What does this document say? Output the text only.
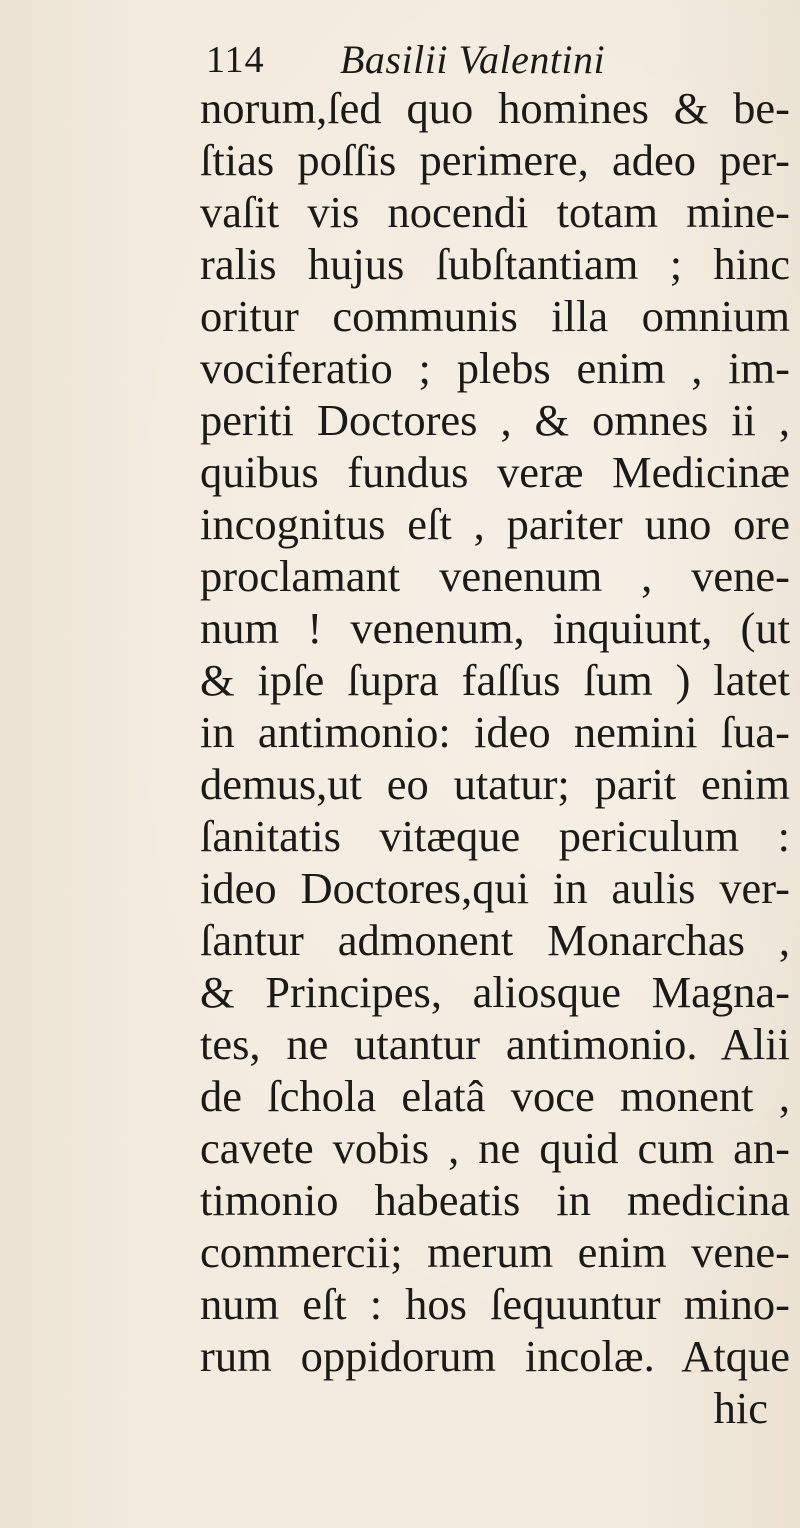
114 Basilii Valentini
norum,ſed quo homines & be-
ſtias poſſis perimere, adeo per-
vaſit vis nocendi totam mine-
ralis hujus ſubſtantiam ; hinc
oritur communis illa omnium
vociferatio ; plebs enim , im-
periti Doctores , & omnes ii ,
quibus fundus veræ Medicinæ
incognitus eſt , pariter uno ore
proclamant venenum , vene-
num ! venenum, inquiunt, (ut
& ipſe ſupra faſſus ſum ) latet
in antimonio: ideo nemini ſua-
demus,ut eo utatur; parit enim
ſanitatis vitæque periculum :
ideo Doctores,qui in aulis ver-
ſantur admonent Monarchas ,
& Principes, aliosque Magna-
tes, ne utantur antimonio. Alii
de ſchola elatâ voce monent ,
cavete vobis , ne quid cum an-
timonio habeatis in medicina
commercii; merum enim vene-
num eſt : hos ſequuntur mino-
rum oppidorum incolæ. Atque
hic
